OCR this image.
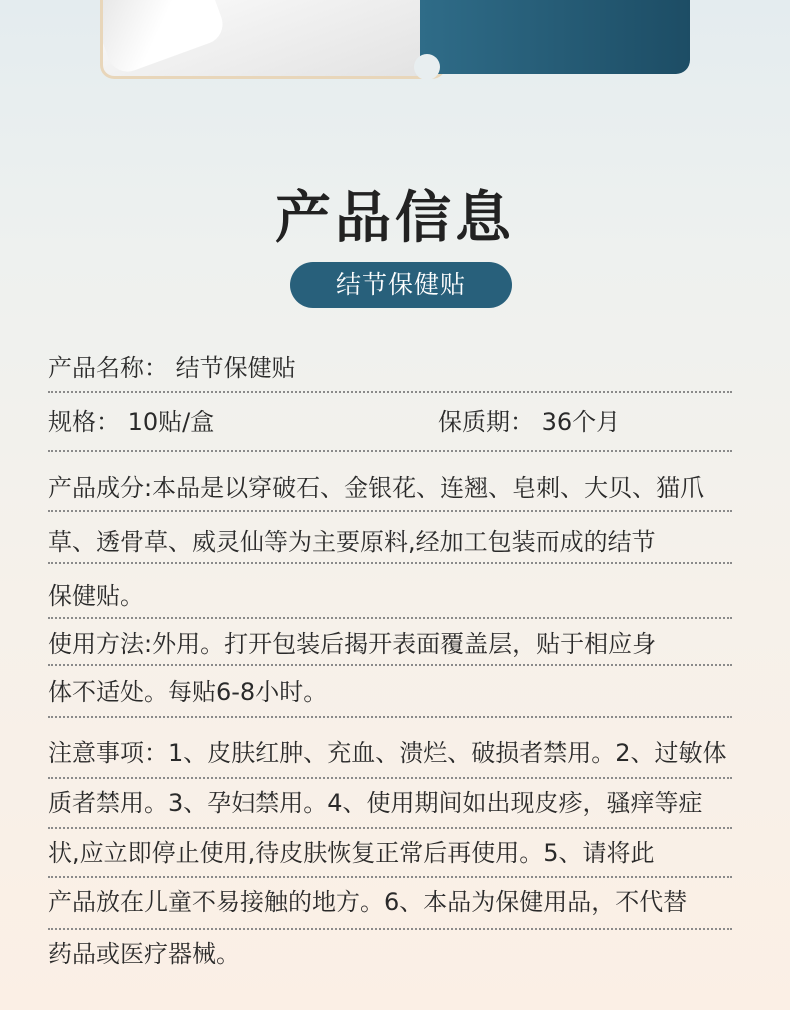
产品信息
结节保健贴
产品名称： 结节保健贴
规格： 10贴/盒	保质期： 36个月
产品成分:本品是以穿破石、金银花、连翘、皂刺、大贝、猫爪
草、透骨草、威灵仙等为主要原料,经加工包装而成的结节
保健贴。
使用方法:外用。打开包装后揭开表面覆盖层，贴于相应身
体不适处。每贴6-8小时。
注意事项：1、皮肤红肿、充血、溃烂、破损者禁用。2、过敏体
质者禁用。3、孕妇禁用。4、使用期间如出现皮疹，骚痒等症
状,应立即停止使用,待皮肤恢复正常后再使用。5、请将此
产品放在儿童不易接触的地方。6、本品为保健用品，不代替
药品或医疗器械。
